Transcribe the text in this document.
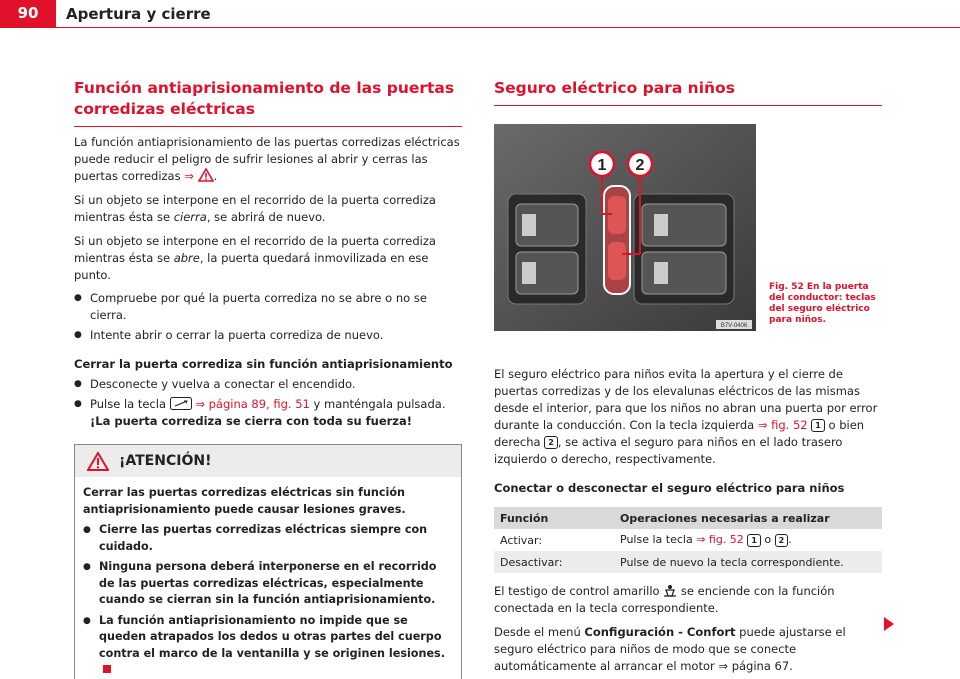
90	Apertura y cierre
Función antiaprisionamiento de las puertas corredizas eléctricas

La función antiaprisionamiento de las puertas corredizas eléctricas puede reducir el peligro de sufrir lesiones al abrir y cerras las puertas corredizas ⇒ .

Si un objeto se interpone en el recorrido de la puerta corrediza mientras ésta se cierra, se abrirá de nuevo.

Si un objeto se interpone en el recorrido de la puerta corrediza mientras ésta se abre, la puerta quedará inmovilizada en ese punto.

● Compruebe por qué la puerta corrediza no se abre o no se cierra.
● Intente abrir o cerrar la puerta corrediza de nuevo.
Cerrar la puerta corrediza sin función antiaprisionamiento
● Desconecte y vuelva a conectar el encendido.
● Pulse la tecla	⇒ página 89, fig. 51 y manténgala pulsada. ¡La puerta corrediza se cierra con toda su fuerza!
¡ATENCIÓN!

Cerrar las puertas corredizas eléctricas sin función antiaprisionamiento puede causar lesiones graves.

● Cierre las puertas corredizas eléctricas siempre con cuidado.
● Ninguna persona deberá interponerse en el recorrido de las puertas corredizas eléctricas, especialmente cuando se cierran sin la función antiaprisionamiento.
● La función antiaprisionamiento no impide que se queden atrapados los dedos u otras partes del cuerpo contra el marco de la ventanilla y se originen lesiones.
Seguro eléctrico para niños
1 2
B7V-0406
Fig. 52 En la puerta del conductor: teclas del seguro eléctrico para niños.

El seguro eléctrico para niños evita la apertura y el cierre de puertas corredizas y de los elevalunas eléctricos de las mismas desde el interior, para que los niños no abran una puerta por error durante la conducción. Con la tecla izquierda ⇒ fig. 52 1 o bien derecha 2 , se activa el seguro para niños en el lado trasero izquierdo o derecho, respectivamente.

Conectar o desconectar el seguro eléctrico para niños
Función	Operaciones necesarias a realizar
Activar:	Pulse la tecla ⇒ fig. 52 1 o 2 .
Desactivar:	Pulse de nuevo la tecla correspondiente.

El testigo de control amarillo se enciende con la función conectada en la tecla correspondiente.

Desde el menú Configuración - Confort puede ajustarse el seguro eléctrico para niños de modo que se conecte automáticamente al arrancar el motor ⇒ página 67.
